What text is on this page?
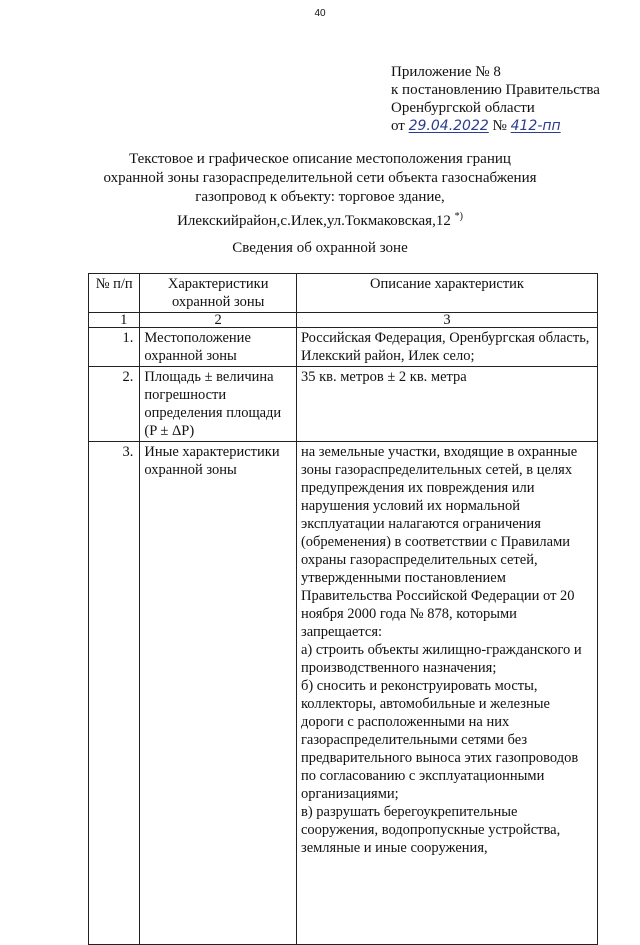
40
Приложение № 8
к постановлению Правительства
Оренбургской области
от 29.04.2022 № 412-пп
Текстовое и графическое описание местоположения границ
охранной зоны газораспределительной сети объекта газоснабжения
газопровод к объекту: торговое здание,
Илекскийрайон,с.Илек,ул.Токмаковская,12 *)
Сведения об охранной зоне
№ п/п	Характеристики охранной зоны	Описание характеристик
1	2	3
1.	Местоположение охранной зоны	Российская Федерация, Оренбургская область, Илекский район, Илек село;
2.	Площадь ± величина погрешности определения площади (P ± ΔP)	35 кв. метров ± 2 кв. метра
3.	Иные характеристики охранной зоны	на земельные участки, входящие в охранные зоны газораспределительных сетей, в целях предупреждения их повреждения или нарушения условий их нормальной эксплуатации налагаются ограничения (обременения) в соответствии с Правилами охраны газораспределительных сетей, утвержденными постановлением Правительства Российской Федерации от 20 ноября 2000 года № 878, которыми запрещается:
а) строить объекты жилищно-гражданского и производственного назначения;
б) сносить и реконструировать мосты, коллекторы, автомобильные и железные дороги с расположенными на них газораспределительными сетями без предварительного выноса этих газопроводов по согласованию с эксплуатационными организациями;
в) разрушать берегоукрепительные сооружения, водопропускные устройства, земляные и иные сооружения,
